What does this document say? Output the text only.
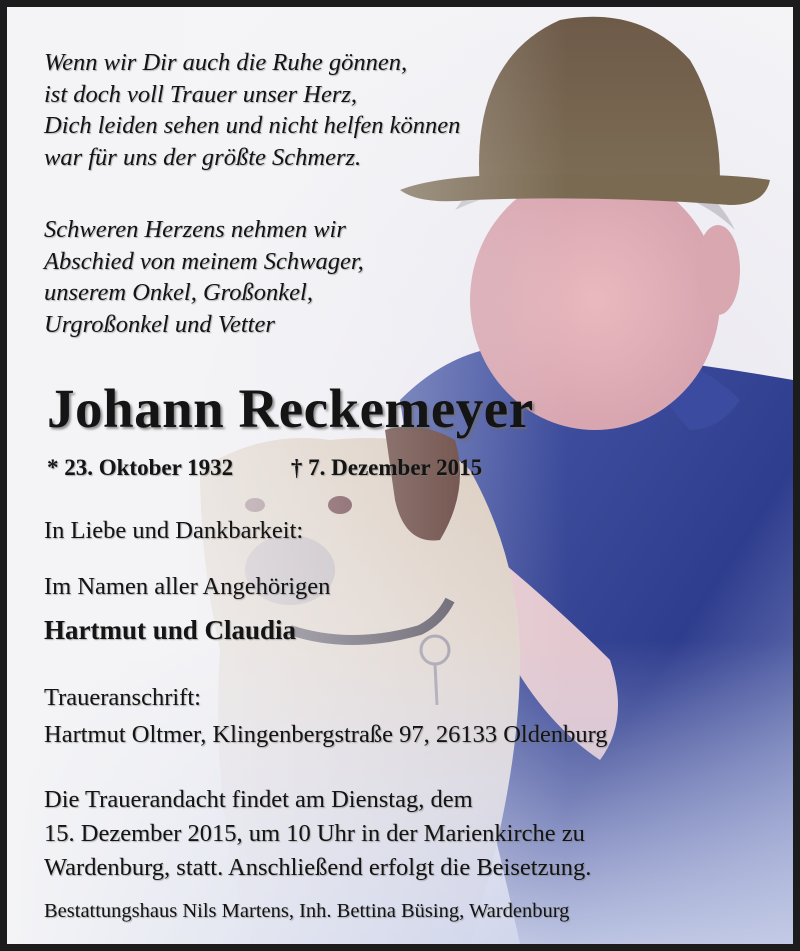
Wenn wir Dir auch die Ruhe gönnen,
ist doch voll Trauer unser Herz,
Dich leiden sehen und nicht helfen können
war für uns der größte Schmerz.
Schweren Herzens nehmen wir
Abschied von meinem Schwager,
unserem Onkel, Großonkel,
Urgroßonkel und Vetter
Johann Reckemeyer
* 23. Oktober 1932	† 7. Dezember 2015
In Liebe und Dankbarkeit:
Im Namen aller Angehörigen
Hartmut und Claudia
Traueranschrift:
Hartmut Oltmer, Klingenbergstraße 97, 26133 Oldenburg
Die Trauerandacht findet am Dienstag, dem
15. Dezember 2015, um 10 Uhr in der Marienkirche zu
Wardenburg, statt. Anschließend erfolgt die Beisetzung.
Bestattungshaus Nils Martens, Inh. Bettina Büsing, Wardenburg
